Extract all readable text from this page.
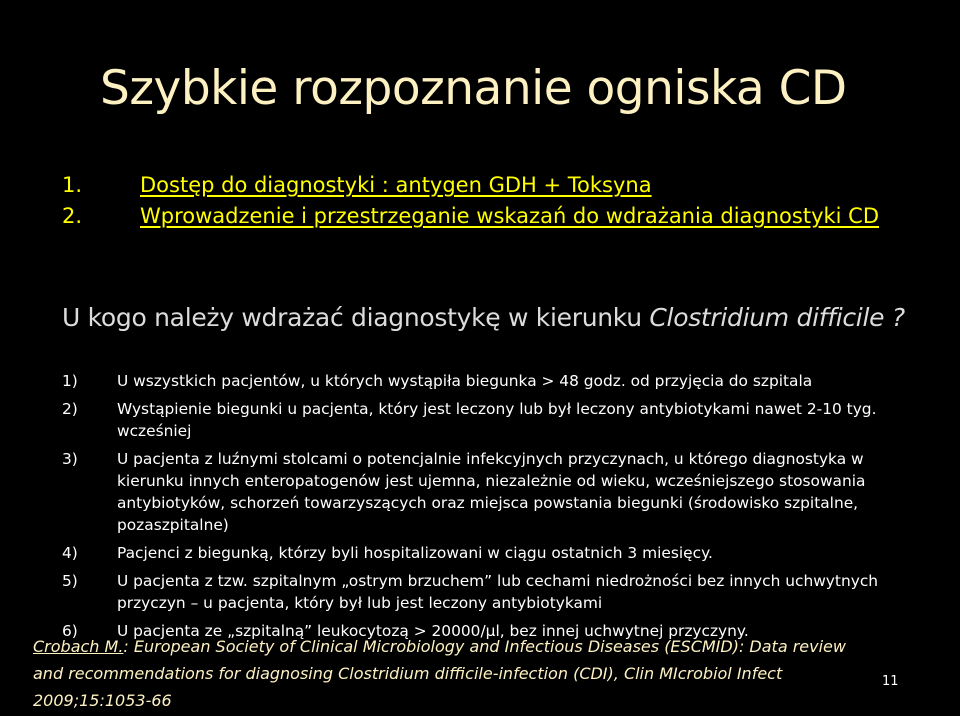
Szybkie rozpoznanie ogniska CD
1.	Dostęp do diagnostyki : antygen GDH + Toksyna
2.	Wprowadzenie i przestrzeganie wskazań do wdrażania diagnostyki CD
U kogo należy wdrażać diagnostykę w kierunku Clostridium difficile ?
1)	U wszystkich pacjentów, u których wystąpiła biegunka > 48 godz. od przyjęcia do szpitala
2)	Wystąpienie biegunki u pacjenta, który jest leczony lub był leczony antybiotykami nawet 2-10 tyg. wcześniej
3)	U pacjenta z luźnymi stolcami o potencjalnie infekcyjnych przyczynach, u którego diagnostyka w kierunku innych enteropatogenów jest ujemna, niezależnie od wieku, wcześniejszego stosowania antybiotyków, schorzeń towarzyszących oraz miejsca powstania biegunki (środowisko szpitalne, pozaszpitalne)
4)	Pacjenci z biegunką, którzy byli hospitalizowani w ciągu ostatnich 3 miesięcy.
5)	U pacjenta z tzw. szpitalnym „ostrym brzuchem” lub cechami niedrożności bez innych uchwytnych przyczyn – u pacjenta, który był lub jest leczony antybiotykami
6)	U pacjenta ze „szpitalną” leukocytozą > 20000/µl, bez innej uchwytnej przyczyny.
Crobach M.: European Society of Clinical Microbiology and Infectious Diseases (ESCMID): Data review and recommendations for diagnosing Clostridium difficile-infection (CDI), Clin MIcrobiol Infect 2009;15:1053-66
11
